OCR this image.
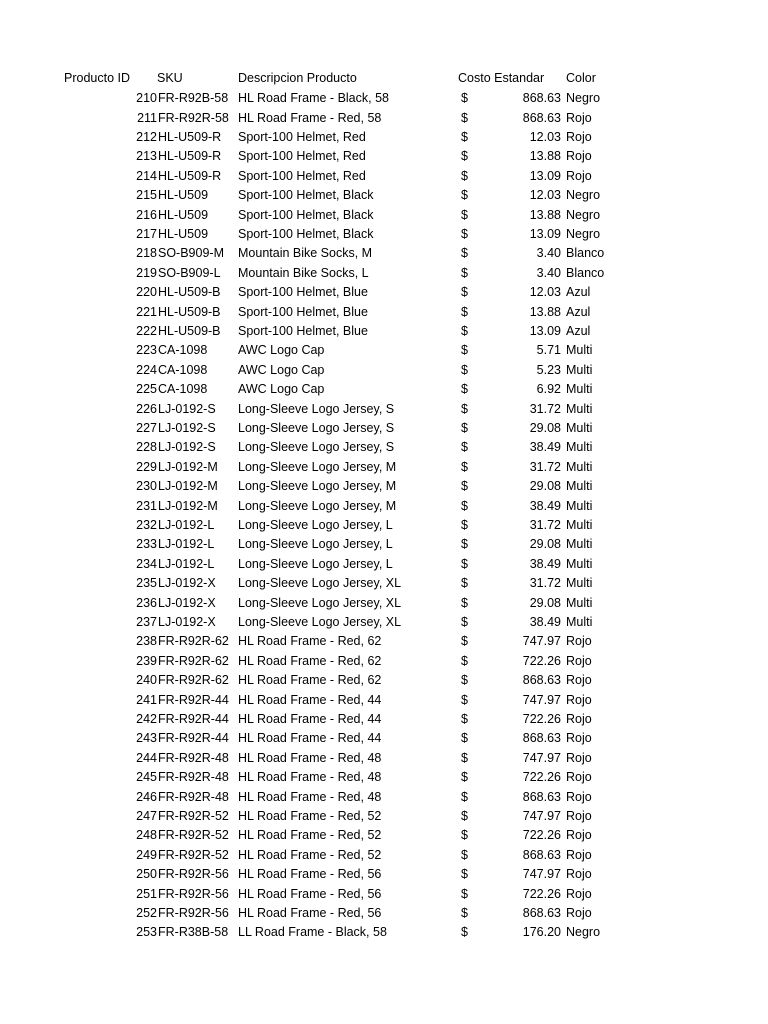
Producto ID SKU	Descripcion Producto	Costo Estandar Color
210 FR-R92B-58 HL Road Frame - Black, 58	$	868.63 Negro
211 FR-R92R-58 HL Road Frame - Red, 58	$	868.63 Rojo
212 HL-U509-R Sport-100 Helmet, Red	$	12.03 Rojo
213 HL-U509-R Sport-100 Helmet, Red	$	13.88 Rojo
214 HL-U509-R Sport-100 Helmet, Red	$	13.09 Rojo
215 HL-U509 Sport-100 Helmet, Black	$	12.03 Negro
216 HL-U509 Sport-100 Helmet, Black	$	13.88 Negro
217 HL-U509 Sport-100 Helmet, Black	$	13.09 Negro
218 SO-B909-M Mountain Bike Socks, M	$	3.40 Blanco
219 SO-B909-L Mountain Bike Socks, L	$	3.40 Blanco
220 HL-U509-B Sport-100 Helmet, Blue	$	12.03 Azul
221 HL-U509-B Sport-100 Helmet, Blue	$	13.88 Azul
222 HL-U509-B Sport-100 Helmet, Blue	$	13.09 Azul
223 CA-1098 AWC Logo Cap	$	5.71 Multi
224 CA-1098 AWC Logo Cap	$	5.23 Multi
225 CA-1098 AWC Logo Cap	$	6.92 Multi
226 LJ-0192-S Long-Sleeve Logo Jersey, S	$	31.72 Multi
227 LJ-0192-S Long-Sleeve Logo Jersey, S	$	29.08 Multi
228 LJ-0192-S Long-Sleeve Logo Jersey, S	$	38.49 Multi
229 LJ-0192-M Long-Sleeve Logo Jersey, M	$	31.72 Multi
230 LJ-0192-M Long-Sleeve Logo Jersey, M	$	29.08 Multi
231 LJ-0192-M Long-Sleeve Logo Jersey, M	$	38.49 Multi
232 LJ-0192-L Long-Sleeve Logo Jersey, L	$	31.72 Multi
233 LJ-0192-L Long-Sleeve Logo Jersey, L	$	29.08 Multi
234 LJ-0192-L Long-Sleeve Logo Jersey, L	$	38.49 Multi
235 LJ-0192-X Long-Sleeve Logo Jersey, XL	$	31.72 Multi
236 LJ-0192-X Long-Sleeve Logo Jersey, XL	$	29.08 Multi
237 LJ-0192-X Long-Sleeve Logo Jersey, XL	$	38.49 Multi
238 FR-R92R-62 HL Road Frame - Red, 62	$	747.97 Rojo
239 FR-R92R-62 HL Road Frame - Red, 62	$	722.26 Rojo
240 FR-R92R-62 HL Road Frame - Red, 62	$	868.63 Rojo
241 FR-R92R-44 HL Road Frame - Red, 44	$	747.97 Rojo
242 FR-R92R-44 HL Road Frame - Red, 44	$	722.26 Rojo
243 FR-R92R-44 HL Road Frame - Red, 44	$	868.63 Rojo
244 FR-R92R-48 HL Road Frame - Red, 48	$	747.97 Rojo
245 FR-R92R-48 HL Road Frame - Red, 48	$	722.26 Rojo
246 FR-R92R-48 HL Road Frame - Red, 48	$	868.63 Rojo
247 FR-R92R-52 HL Road Frame - Red, 52	$	747.97 Rojo
248 FR-R92R-52 HL Road Frame - Red, 52	$	722.26 Rojo
249 FR-R92R-52 HL Road Frame - Red, 52	$	868.63 Rojo
250 FR-R92R-56 HL Road Frame - Red, 56	$	747.97 Rojo
251 FR-R92R-56 HL Road Frame - Red, 56	$	722.26 Rojo
252 FR-R92R-56 HL Road Frame - Red, 56	$	868.63 Rojo
253 FR-R38B-58 LL Road Frame - Black, 58	$	176.20 Negro
